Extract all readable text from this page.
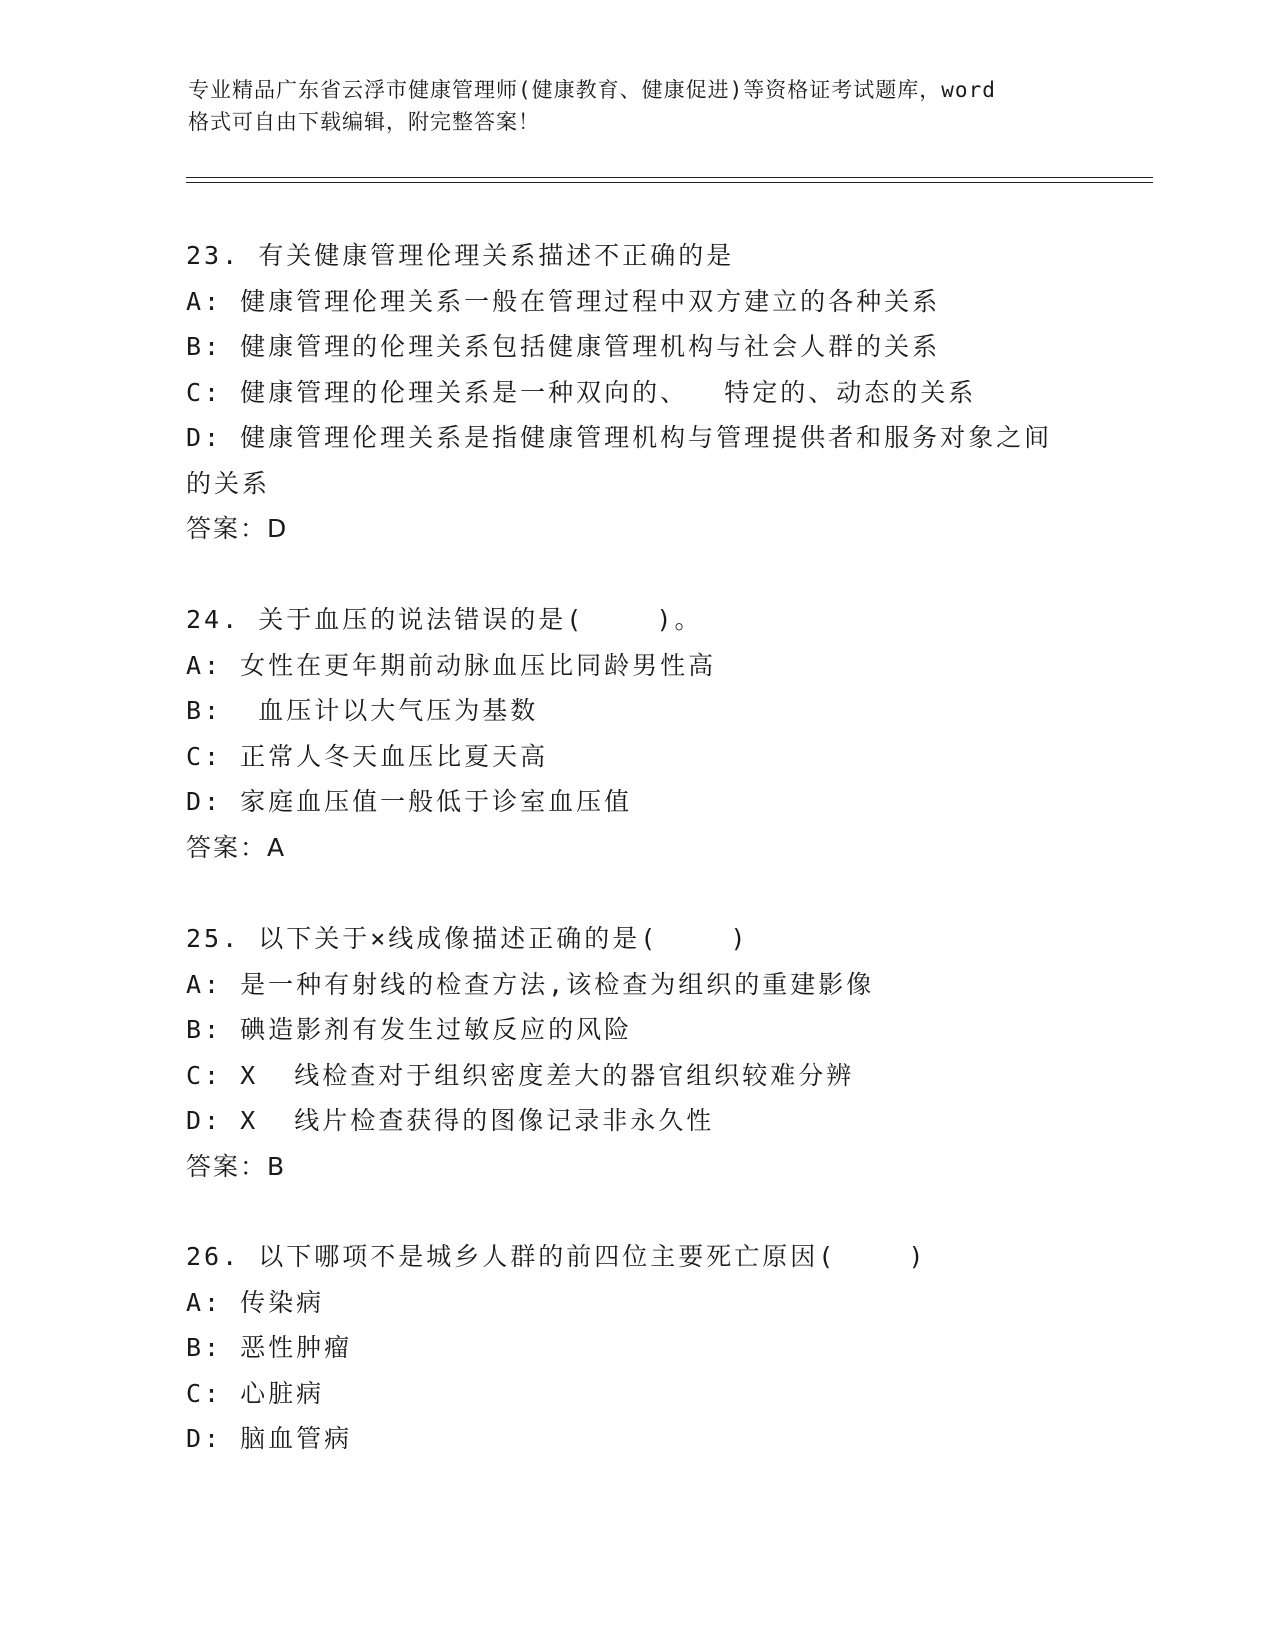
专业精品广东省云浮市健康管理师(健康教育、健康促进)等资格证考试题库，word
格式可自由下载编辑，附完整答案！
23. 有关健康管理伦理关系描述不正确的是
A: 健康管理伦理关系一般在管理过程中双方建立的各种关系
B: 健康管理的伦理关系包括健康管理机构与社会人群的关系
C: 健康管理的伦理关系是一种双向的、  特定的、动态的关系
D: 健康管理伦理关系是指健康管理机构与管理提供者和服务对象之间
的关系
答案：D
24. 关于血压的说法错误的是(    )。
A: 女性在更年期前动脉血压比同龄男性高
B:  血压计以大气压为基数
C: 正常人冬天血压比夏天高
D: 家庭血压值一般低于诊室血压值
答案：A
25. 以下关于×线成像描述正确的是(    )
A: 是一种有射线的检查方法,该检查为组织的重建影像
B: 碘造影剂有发生过敏反应的风险
C: X  线检查对于组织密度差大的器官组织较难分辨
D: X  线片检查获得的图像记录非永久性
答案：B
26. 以下哪项不是城乡人群的前四位主要死亡原因(    )
A: 传染病
B: 恶性肿瘤
C: 心脏病
D: 脑血管病
